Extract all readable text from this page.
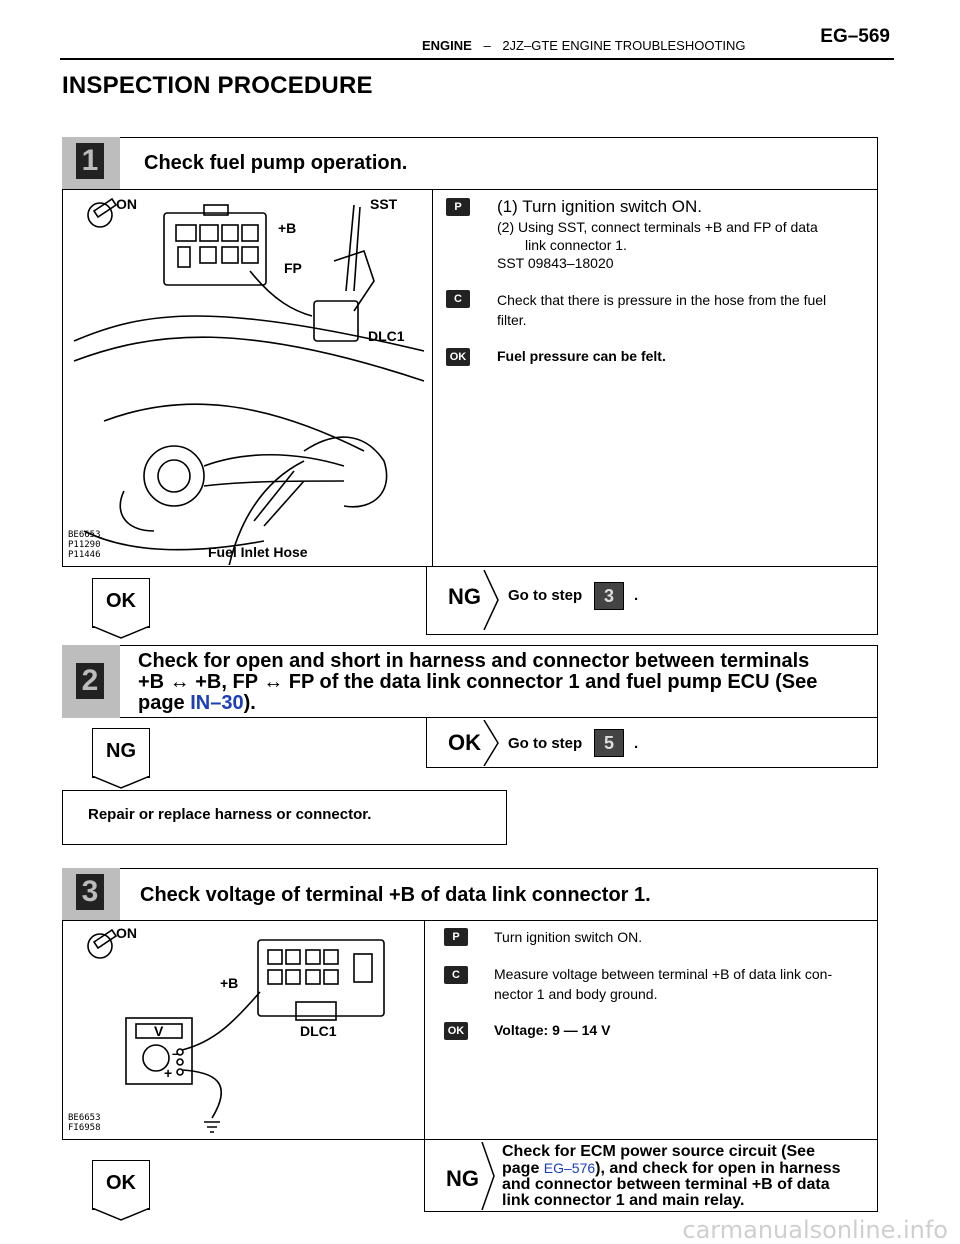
ENGINE – 2JZ–GTE ENGINE TROUBLESHOOTING	EG–569
INSPECTION PROCEDURE
1 Check fuel pump operation.
ON	SST
+B
FP
DLC1
Fuel Inlet Hose
BE6653
P11290
P11446
P	(1) Turn ignition switch ON.
(2) Using SST, connect terminals +B and FP of data
link connector 1.
SST 09843–18020
C	Check that there is pressure in the hose from the fuel
filter.
OK Fuel pressure can be felt.
OK	NG Go to step	3	.
2
Check for open and short in harness and connector between terminals
+B ↔ +B, FP ↔ FP of the data link connector 1 and fuel pump ECU (See
page IN–30).
NG	OK Go to step	5	.
Repair or replace harness or connector.
3 Check voltage of terminal +B of data link connector 1.
ON
+B
DLC1
V
–
+
BE6653
FI6958
P	Turn ignition switch ON.
C	Measure voltage between terminal +B of data link con-
nector 1 and body ground.
OK Voltage: 9 — 14 V
OK	NG
Check for ECM power source circuit (See
page EG–576), and check for open in harness
and connector between terminal +B of data
link connector 1 and main relay.
carmanualsonline.info
